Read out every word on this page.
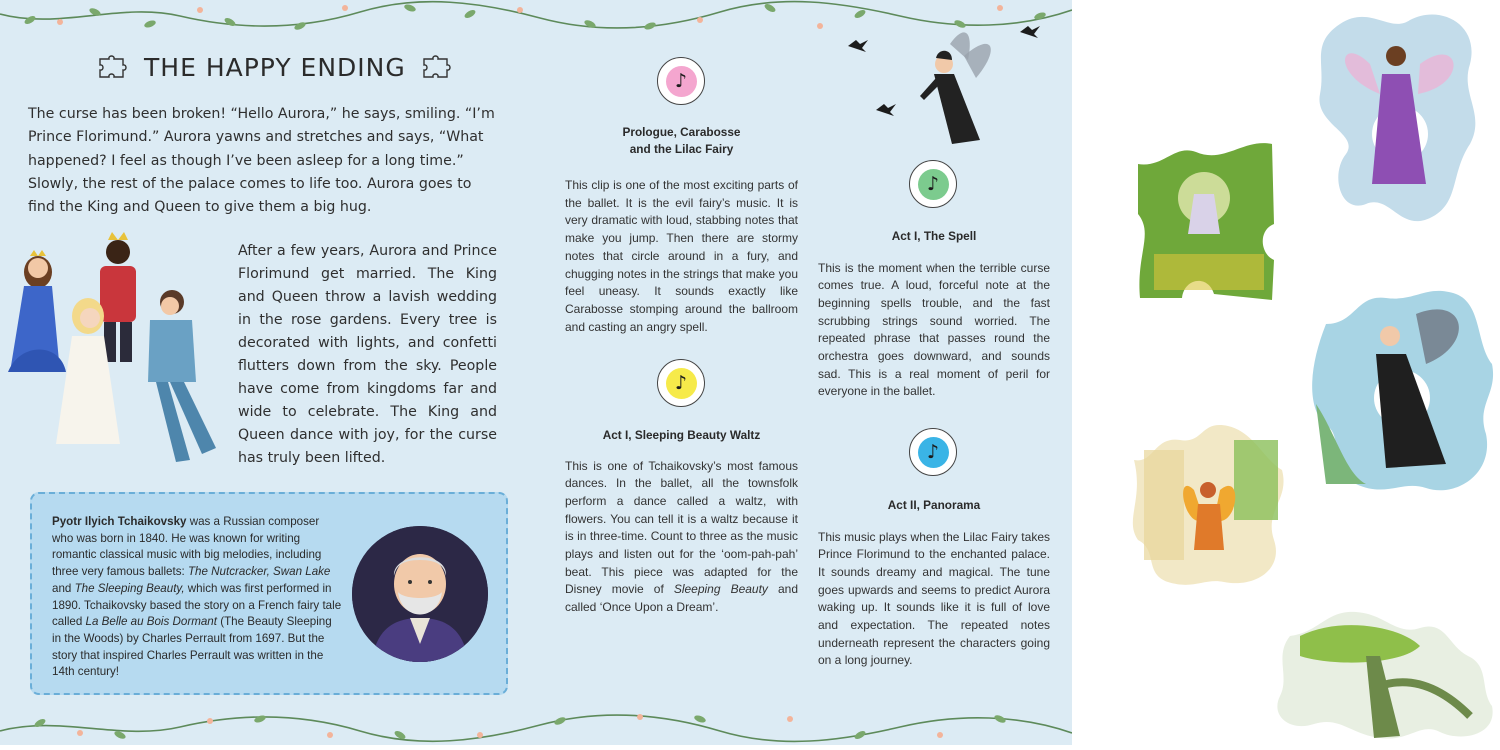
THE HAPPY ENDING

The curse has been broken! “Hello Aurora,” he says, smiling. “I’m Prince Florimund.” Aurora yawns and stretches and says, “What happened? I feel as though I’ve been asleep for a long time.” Slowly, the rest of the palace comes to life too. Aurora goes to find the King and Queen to give them a big hug.

After a few years, Aurora and Prince Florimund get married. The King and Queen throw a lavish wedding in the rose gardens. Every tree is decorated with lights, and confetti flutters down from the sky. People have come from kingdoms far and wide to celebrate. The King and Queen dance with joy, for the curse has truly been lifted.

Pyotr Ilyich Tchaikovsky was a Russian composer who was born in 1840. He was known for writing romantic classical music with big melodies, including three very famous ballets: The Nutcracker, Swan Lake and The Sleeping Beauty, which was first performed in 1890. Tchaikovsky based the story on a French fairy tale called La Belle au Bois Dormant (The Beauty Sleeping in the Woods) by Charles Perrault from 1697. But the story that inspired Charles Perrault was written in the 14th century!

♪
Prologue, Carabosse
and the Lilac Fairy

This clip is one of the most exciting parts of the ballet. It is the evil fairy’s music. It is very dramatic with loud, stabbing notes that make you jump. Then there are stormy notes that circle around in a fury, and chugging notes in the strings that make you feel uneasy. It sounds exactly like Carabosse stomping around the ballroom and casting an angry spell.

♪
Act I, Sleeping Beauty Waltz

This is one of Tchaikovsky’s most famous dances. In the ballet, all the townsfolk perform a dance called a waltz, with flowers. You can tell it is a waltz because it is in three-time. Count to three as the music plays and listen out for the ‘oom-pah-pah’ beat. This piece was adapted for the Disney movie of Sleeping Beauty and called ‘Once Upon a Dream’.

♪
Act I, The Spell

This is the moment when the terrible curse comes true. A loud, forceful note at the beginning spells trouble, and the fast scrubbing strings sound worried. The repeated phrase that passes round the orchestra goes downward, and sounds sad. This is a real moment of peril for everyone in the ballet.

♪
Act II, Panorama

This music plays when the Lilac Fairy takes Prince Florimund to the enchanted palace. It sounds dreamy and magical. The tune goes upwards and seems to predict Aurora waking up. It sounds like it is full of love and expectation. The repeated notes underneath represent the characters going on a long journey.
